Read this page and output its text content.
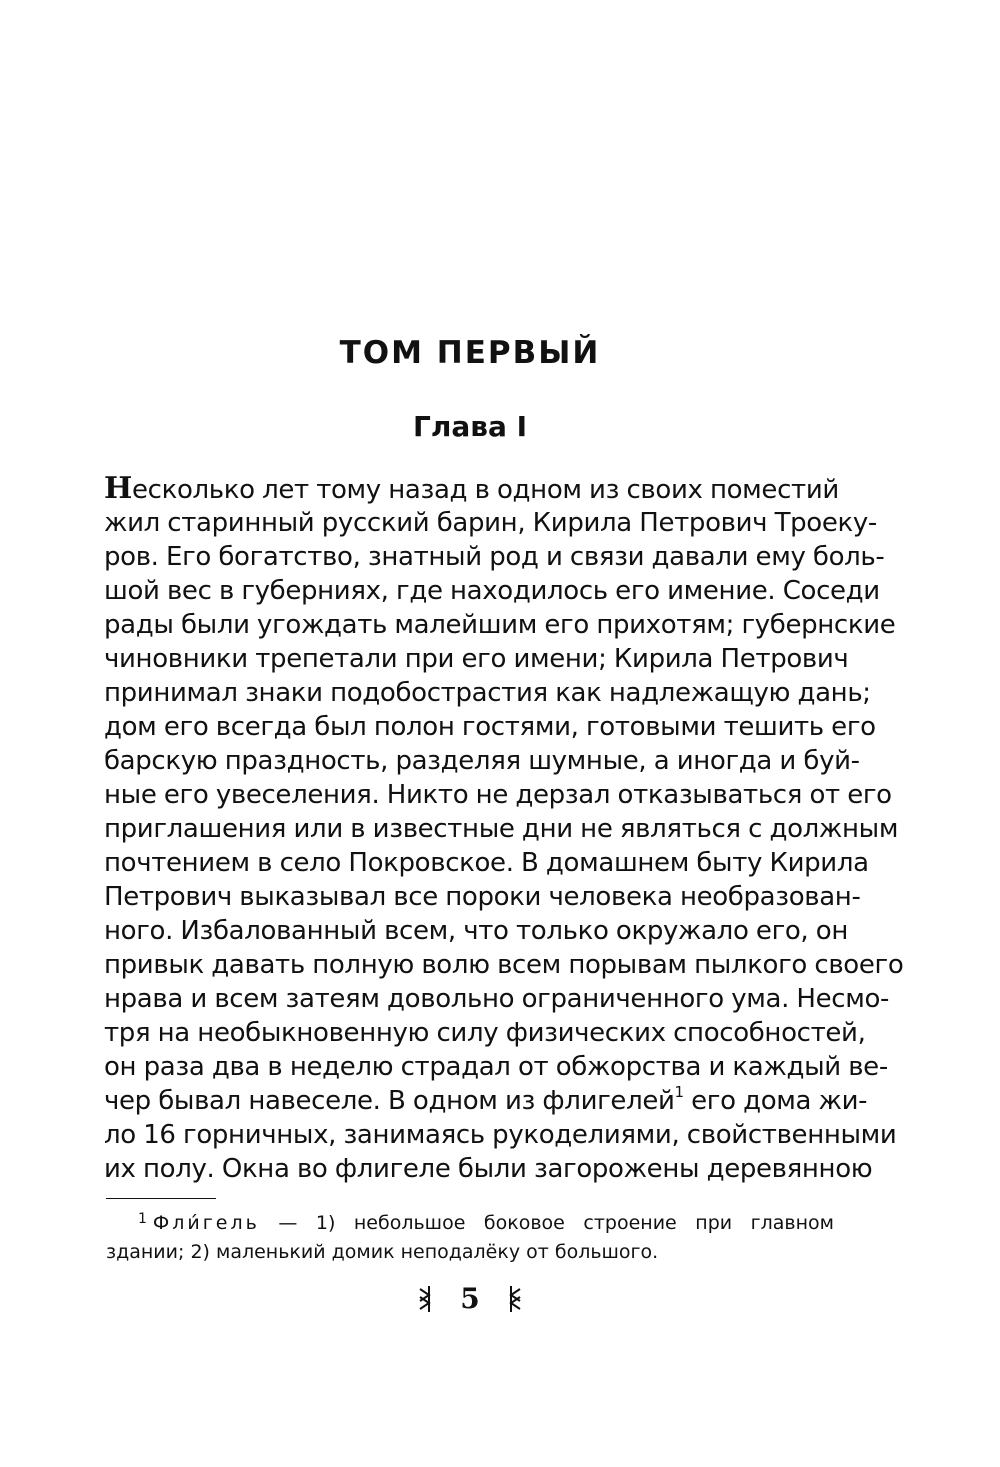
ТОМ ПЕРВЫЙ
Глава I
Несколько лет тому назад в одном из своих поместий
жил старинный русский барин, Кирила Петрович Троеку-
ров. Его богатство, знатный род и связи давали ему боль-
шой вес в губерниях, где находилось его имение. Соседи
рады были угождать малейшим его прихотям; губернские
чиновники трепетали при его имени; Кирила Петрович
принимал знаки подобострастия как надлежащую дань;
дом его всегда был полон гостями, готовыми тешить его
барскую праздность, разделяя шумные, а иногда и буй-
ные его увеселения. Никто не дерзал отказываться от его
приглашения или в известные дни не являться с должным
почтением в село Покровское. В домашнем быту Кирила
Петрович выказывал все пороки человека необразован-
ного. Избалованный всем, что только окружало его, он
привык давать полную волю всем порывам пылкого своего
нрава и всем затеям довольно ограниченного ума. Несмо-
тря на необыкновенную силу физических способностей,
он раза два в неделю страдал от обжорства и каждый ве-
чер бывал навеселе. В одном из флигелей$^1$ его дома жи-
ло 16 горничных, занимаясь рукоделиями, свойственными
их полу. Окна во флигеле были загорожены деревянною
$^1$ Фли́гель — 1) небольшое боковое строение при главном
здании; 2) маленький домик неподалёку от большого.
5
